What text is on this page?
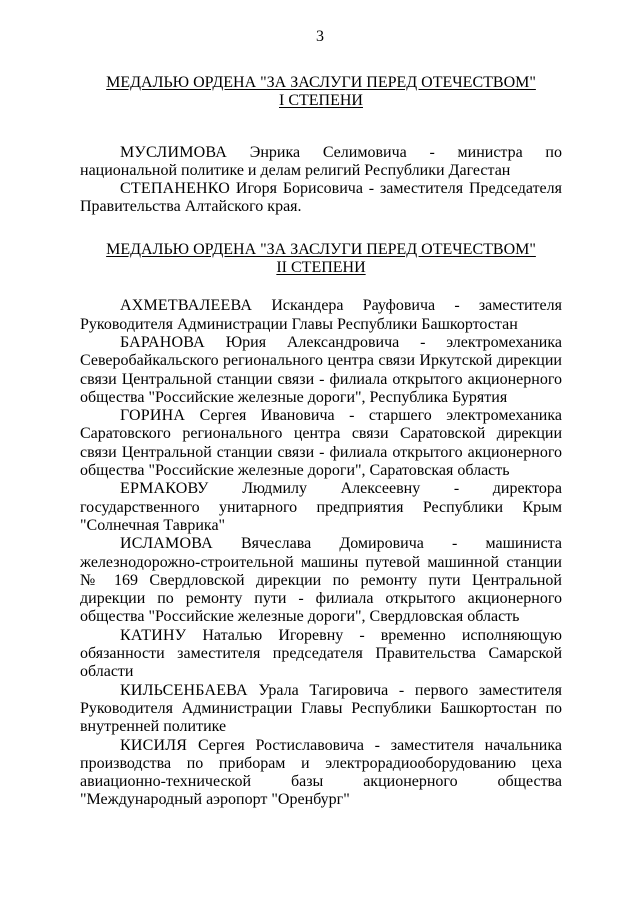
3
МЕДАЛЬЮ ОРДЕНА "ЗА ЗАСЛУГИ ПЕРЕД ОТЕЧЕСТВОМ"
I СТЕПЕНИ

МУСЛИМОВА Энрика Селимовича - министра по национальной политике и делам религий Республики Дагестан

СТЕПАНЕНКО Игоря Борисовича - заместителя Председателя Правительства Алтайского края.

МЕДАЛЬЮ ОРДЕНА "ЗА ЗАСЛУГИ ПЕРЕД ОТЕЧЕСТВОМ"
II СТЕПЕНИ

АХМЕТВАЛЕЕВА Искандера Рауфовича - заместителя Руководителя Администрации Главы Республики Башкортостан

БАРАНОВА Юрия Александровича - электромеханика Северобайкальского регионального центра связи Иркутской дирекции связи Центральной станции связи - филиала открытого акционерного общества "Российские железные дороги", Республика Бурятия

ГОРИНА Сергея Ивановича - старшего электромеханика Саратовского регионального центра связи Саратовской дирекции связи Центральной станции связи - филиала открытого акционерного общества "Российские железные дороги", Саратовская область

ЕРМАКОВУ Людмилу Алексеевну - директора государственного унитарного предприятия Республики Крым "Солнечная Таврика"

ИСЛАМОВА Вячеслава Домировича - машиниста железнодорожно-строительной машины путевой машинной станции № 169 Свердловской дирекции по ремонту пути Центральной дирекции по ремонту пути - филиала открытого акционерного общества "Российские железные дороги", Свердловская область

КАТИНУ Наталью Игоревну - временно исполняющую обязанности заместителя председателя Правительства Самарской области

КИЛЬСЕНБАЕВА Урала Тагировича - первого заместителя Руководителя Администрации Главы Республики Башкортостан по внутренней политике

КИСИЛЯ Сергея Ростиславовича - заместителя начальника производства по приборам и электрорадиооборудованию цеха авиационно-технической базы акционерного общества "Международный аэропорт "Оренбург"
